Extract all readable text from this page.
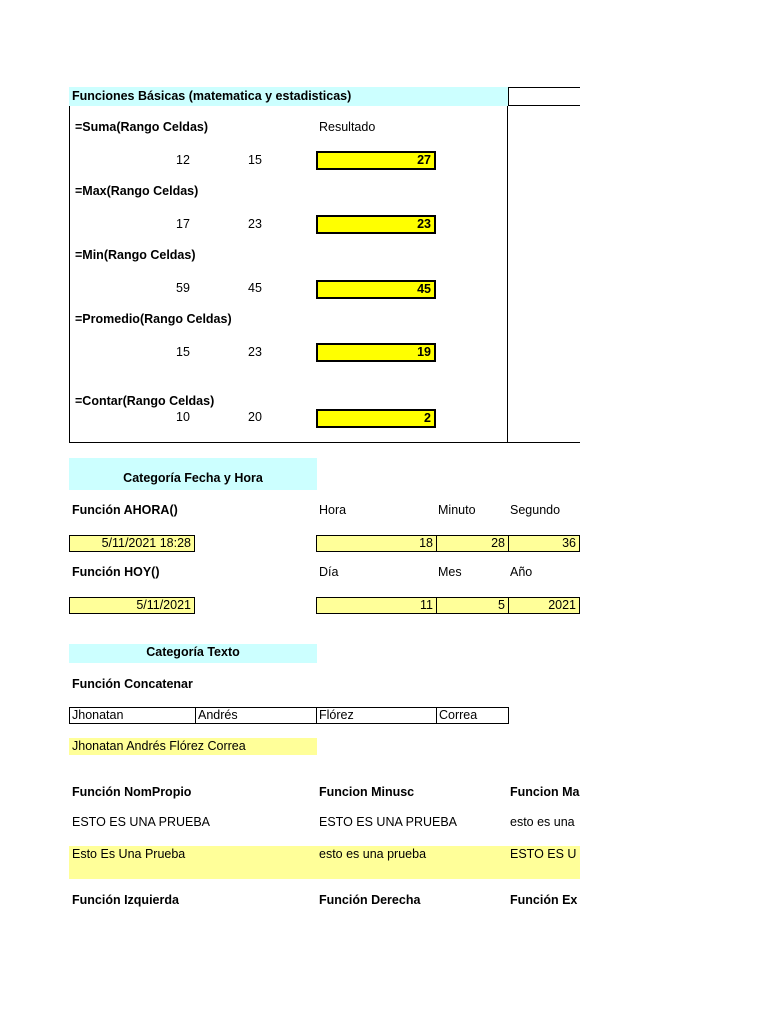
Funciones Básicas (matematica y estadisticas)
Resultado
=Suma(Rango Celdas)
12	15	27
=Max(Rango Celdas)
17	23	23
=Min(Rango Celdas)
59	45	45
=Promedio(Rango Celdas)
15	23	19
=Contar(Rango Celdas)
10	20	2
Categoría Fecha y Hora
Función AHORA()	Hora	Minuto	Segundo
5/11/2021 18:28	18	28	36
Función HOY()	Día	Mes	Año
5/11/2021	11	5	2021
Categoría Texto
Función Concatenar
Jhonatan	Andrés	Flórez	Correa
Jhonatan Andrés Flórez Correa
Función NomPropio	Funcion Minusc	Funcion Ma
ESTO ES UNA PRUEBA	ESTO ES UNA PRUEBA	esto es una
Esto Es Una Prueba	esto es una prueba	ESTO ES U
Función Izquierda	Función Derecha	Función Ex
